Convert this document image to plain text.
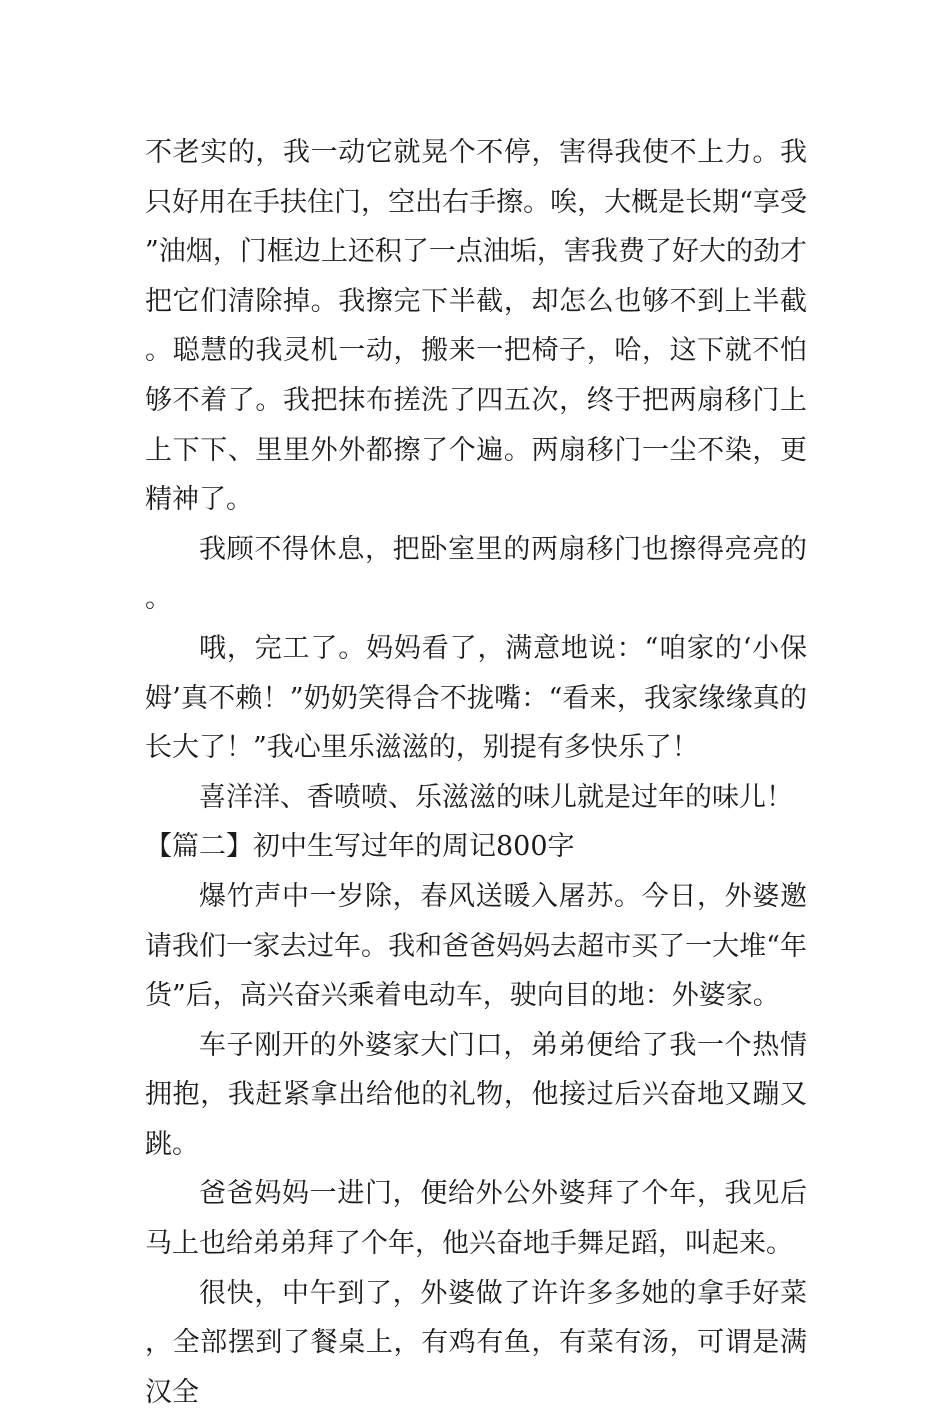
不老实的，我一动它就晃个不停，害得我使不上力。我只好用在手扶住门，空出右手擦。唉，大概是长期“享受”油烟，门框边上还积了一点油垢，害我费了好大的劲才把它们清除掉。我擦完下半截，却怎么也够不到上半截。聪慧的我灵机一动，搬来一把椅子，哈，这下就不怕够不着了。我把抹布搓洗了四五次，终于把两扇移门上上下下、里里外外都擦了个遍。两扇移门一尘不染，更精神了。

我顾不得休息，把卧室里的两扇移门也擦得亮亮的。

哦，完工了。妈妈看了，满意地说：“咱家的‘小保姆’真不赖！”奶奶笑得合不拢嘴：“看来，我家缘缘真的长大了！”我心里乐滋滋的，别提有多快乐了！

喜洋洋、香喷喷、乐滋滋的味儿就是过年的味儿！

【篇二】初中生写过年的周记800字

爆竹声中一岁除，春风送暖入屠苏。今日，外婆邀请我们一家去过年。我和爸爸妈妈去超市买了一大堆“年货”后，高兴奋兴乘着电动车，驶向目的地：外婆家。

车子刚开的外婆家大门口，弟弟便给了我一个热情拥抱，我赶紧拿出给他的礼物，他接过后兴奋地又蹦又跳。

爸爸妈妈一进门，便给外公外婆拜了个年，我见后马上也给弟弟拜了个年，他兴奋地手舞足蹈，叫起来。

很快，中午到了，外婆做了许许多多她的拿手好菜，全部摆到了餐桌上，有鸡有鱼，有菜有汤，可谓是满汉全
